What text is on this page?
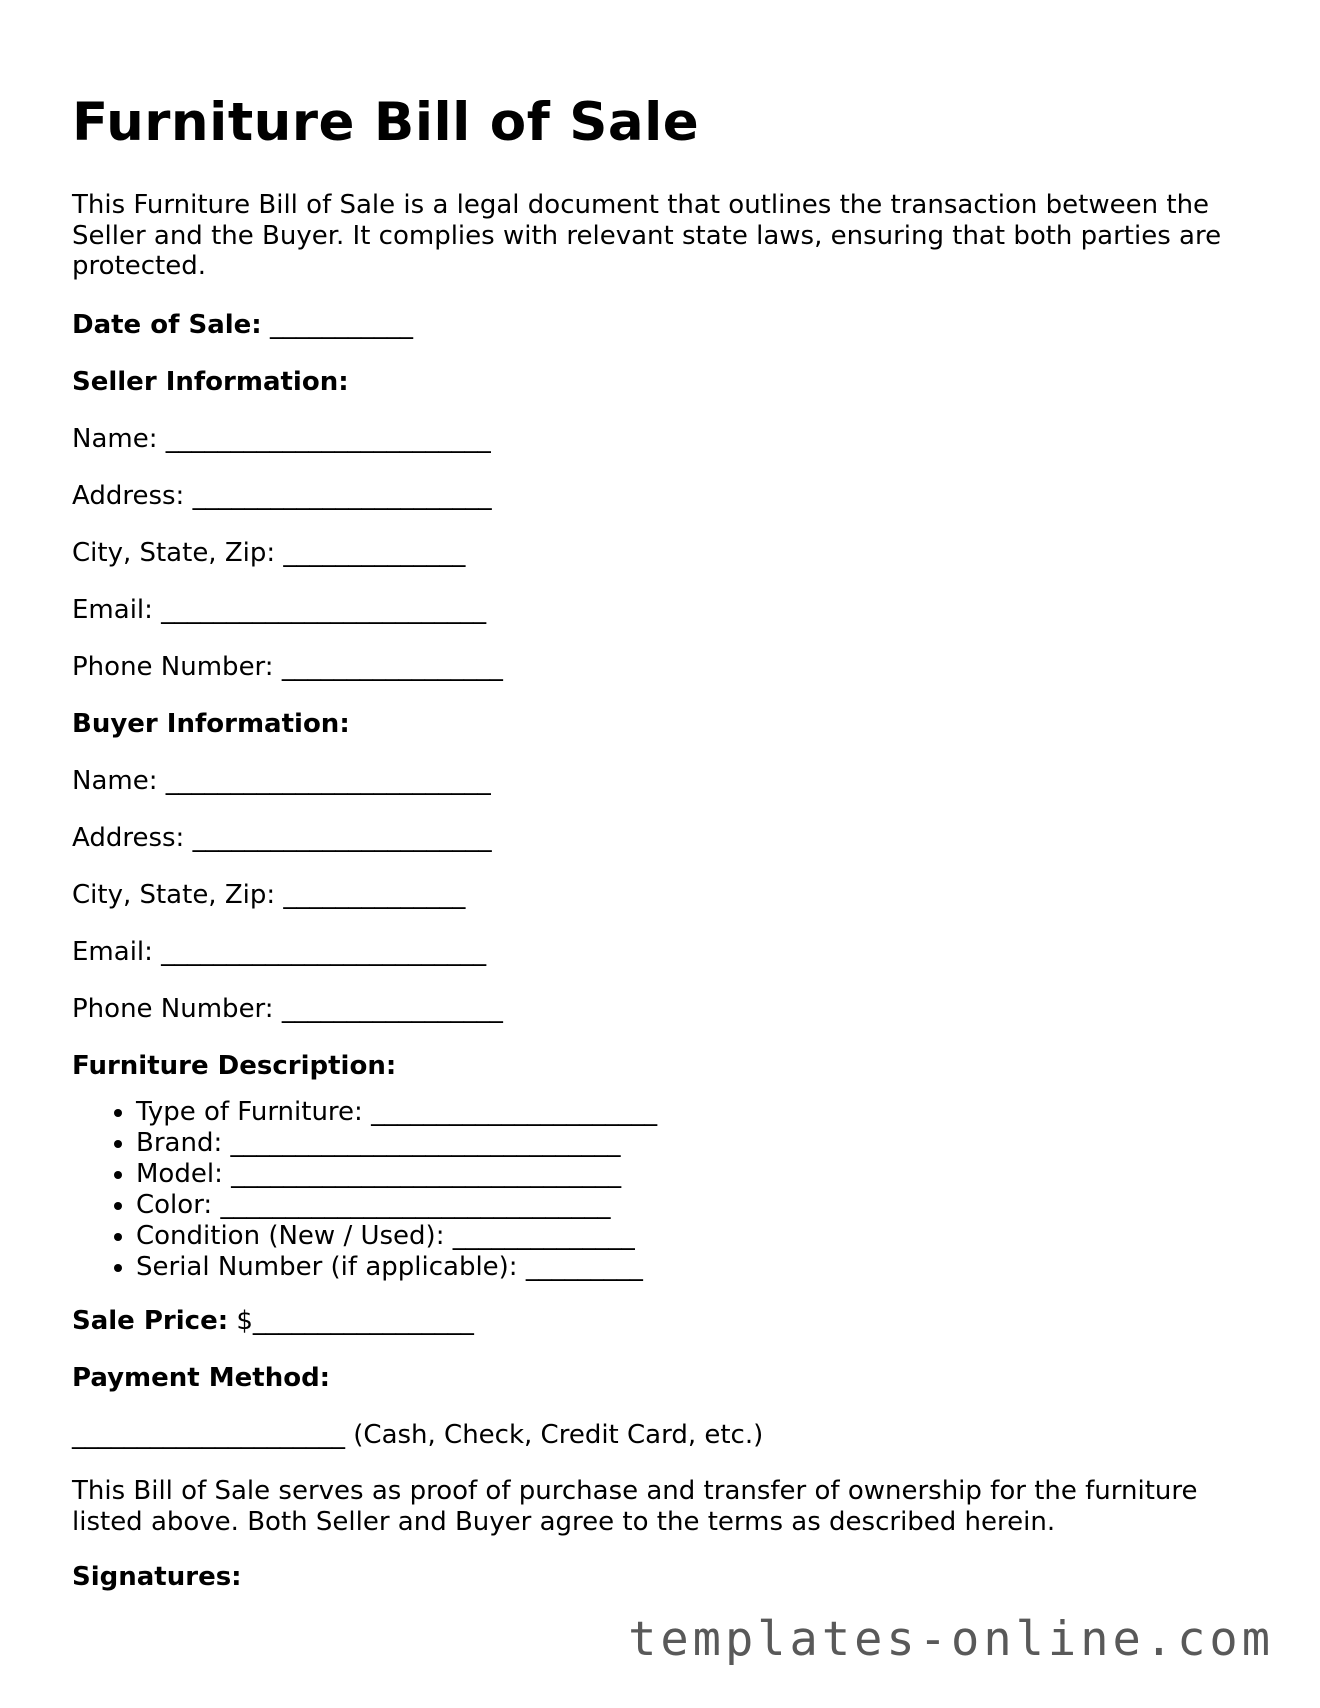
Furniture Bill of Sale

This Furniture Bill of Sale is a legal document that outlines the transaction between the Seller and the Buyer. It complies with relevant state laws, ensuring that both parties are protected.

Date of Sale: ___________

Seller Information:

Name: _________________________

Address: _______________________

City, State, Zip: ______________

Email: _________________________

Phone Number: _________________

Buyer Information:

Name: _________________________

Address: _______________________

City, State, Zip: ______________

Email: _________________________

Phone Number: _________________

Furniture Description:

• Type of Furniture: ______________________
• Brand: ______________________________
• Model: ______________________________
• Color: ______________________________
• Condition (New / Used): ______________
• Serial Number (if applicable): _________

Sale Price: $_________________

Payment Method:

_____________________ (Cash, Check, Credit Card, etc.)

This Bill of Sale serves as proof of purchase and transfer of ownership for the furniture listed above. Both Seller and Buyer agree to the terms as described herein.

Signatures:

templates-online.com
